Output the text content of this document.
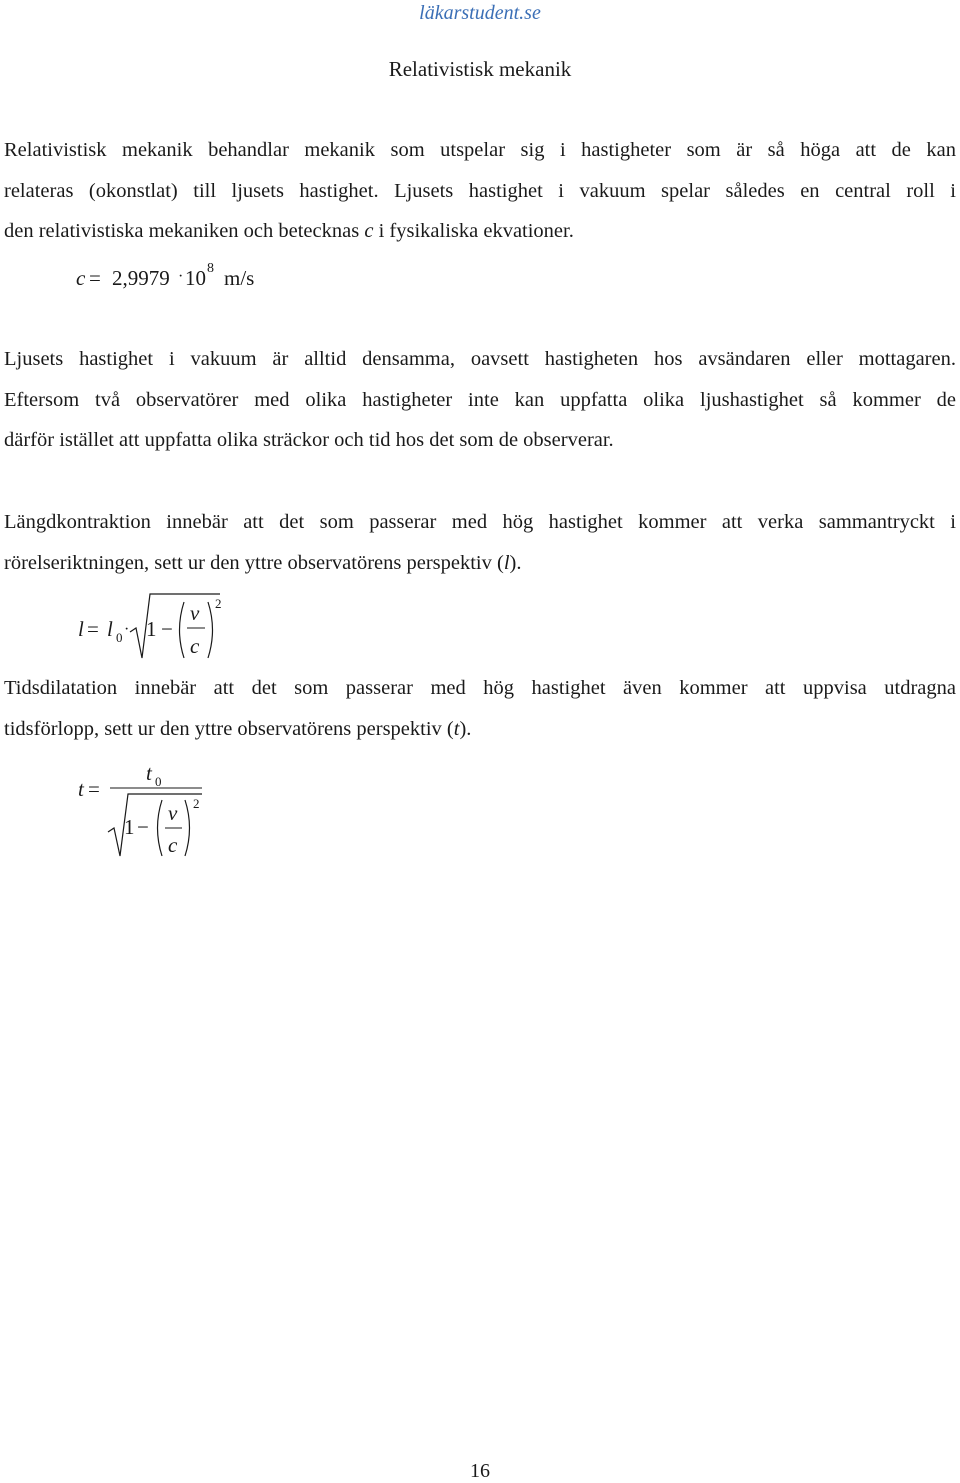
läkarstudent.se
Relativistisk mekanik
Relativistisk mekanik behandlar mekanik som utspelar sig i hastigheter som är så höga att de kan
relateras (okonstlat) till ljusets hastighet. Ljusets hastighet i vakuum spelar således en central roll i
den relativistiska mekaniken och betecknas c i fysikaliska ekvationer.
c = 2,9979 · 10 8 m/s
Ljusets hastighet i vakuum är alltid densamma, oavsett hastigheten hos avsändaren eller mottagaren.
Eftersom två observatörer med olika hastigheter inte kan uppfatta olika ljushastighet så kommer de
därför istället att uppfatta olika sträckor och tid hos det som de observerar.
Längdkontraktion innebär att det som passerar med hög hastighet kommer att verka sammantryckt i
rörelseriktningen, sett ur den yttre observatörens perspektiv (l).
l = l 0 · 1 −
v
c
2
Tidsdilatation innebär att det som passerar med hög hastighet även kommer att uppvisa utdragna
tidsförlopp, sett ur den yttre observatörens perspektiv (t).
t =
t 0
1 −
v
c
2
16
